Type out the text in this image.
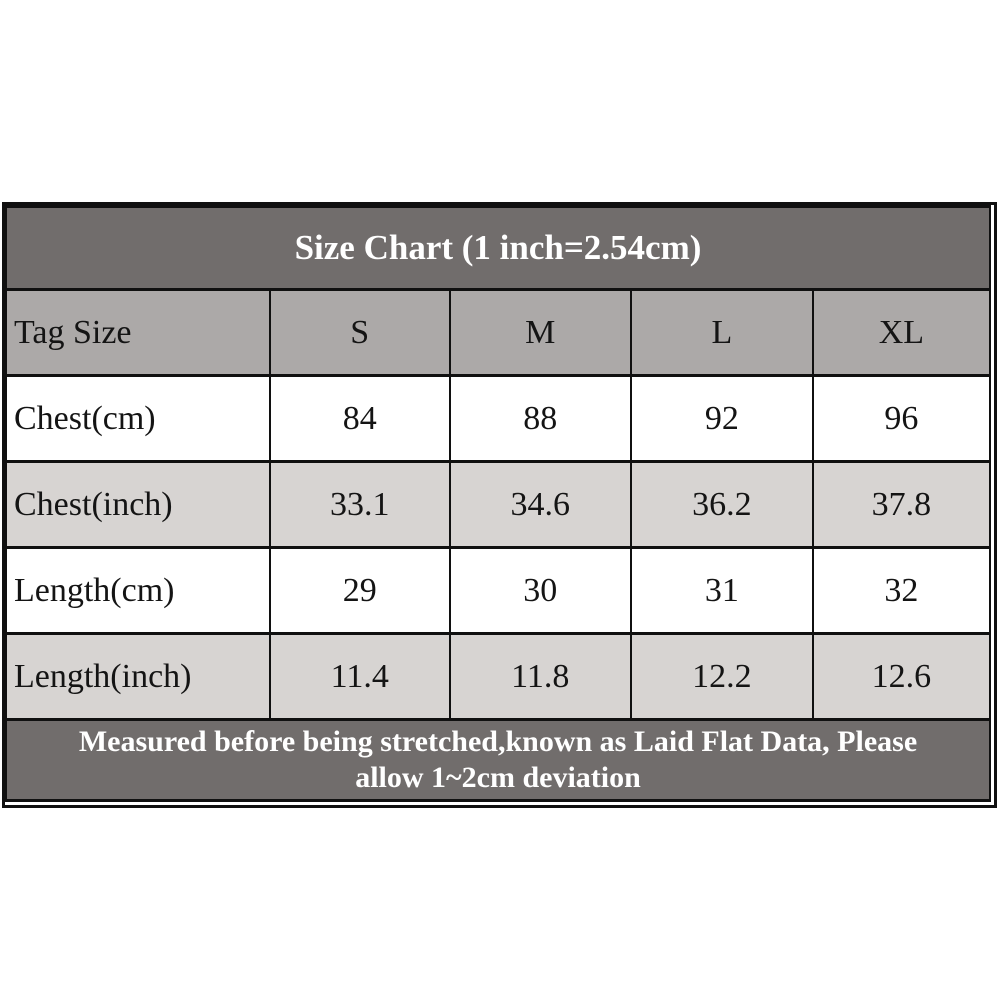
Size Chart (1 inch=2.54cm)				
Tag Size	S	M	L	XL
Chest(cm)	84	88	92	96
Chest(inch)	33.1	34.6	36.2	37.8
Length(cm)	29	30	31	32
Length(inch)	11.4	11.8	12.2	12.6

Measured before being stretched,known as Laid Flat Data, Please
allow 1~2cm deviation				
